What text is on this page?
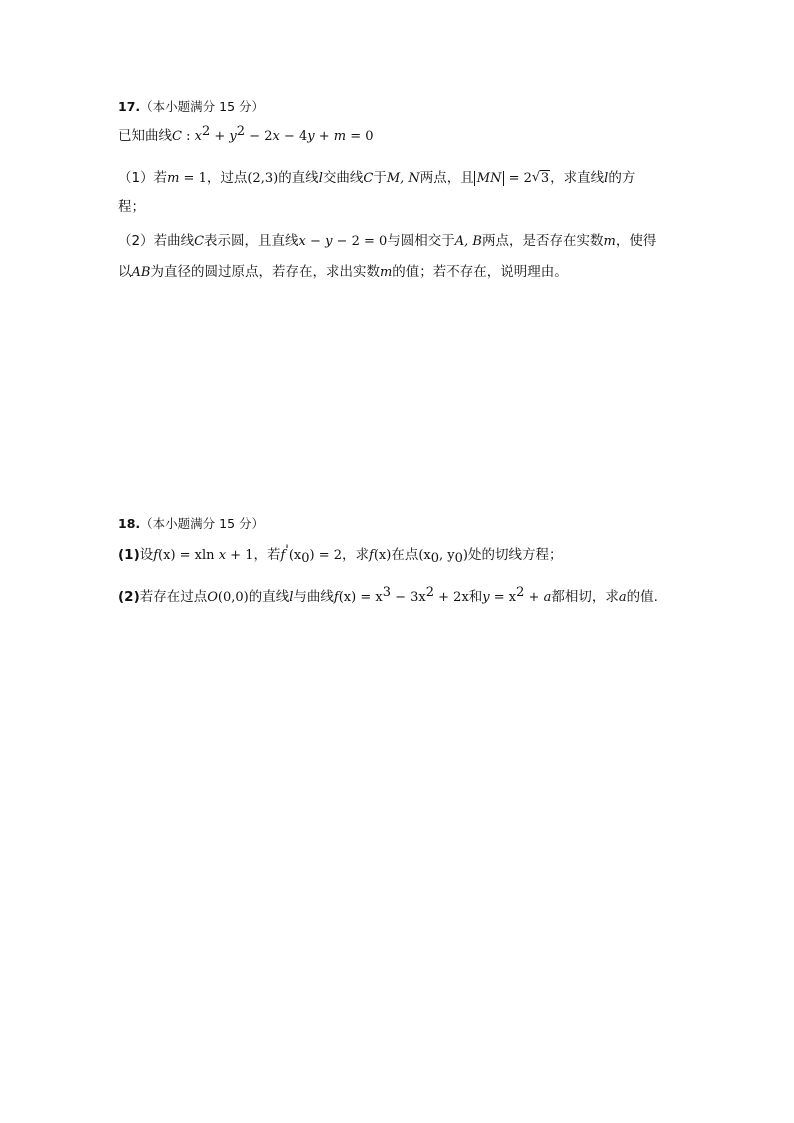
17.（本小题满分 15 分）
已知曲线C : $x^2 + y^2 - 2x - 4y + m = 0$
（1）若m = 1，过点(2,3)的直线l交曲线C于M, N两点，且 MN = 2 √ 3，求直线l的方
程；
（2）若曲线C表示圆，且直线x − y − 2 = 0与圆相交于A, B两点，是否存在实数m，使得
以AB为直径的圆过原点，若存在，求出实数m的值；若不存在，说明理由。
18.（本小题满分 15 分）
(1)设f(x) = xln x + 1，若$f'(x_0) = 2$，求f(x)在点($x_0$, $y_0$)处的切线方程；
(2)若存在过点O(0,0)的直线l与曲线$f(x) = x^3 - 3x^2 + 2x$和$y = x^2 + a$都相切，求a的值.
